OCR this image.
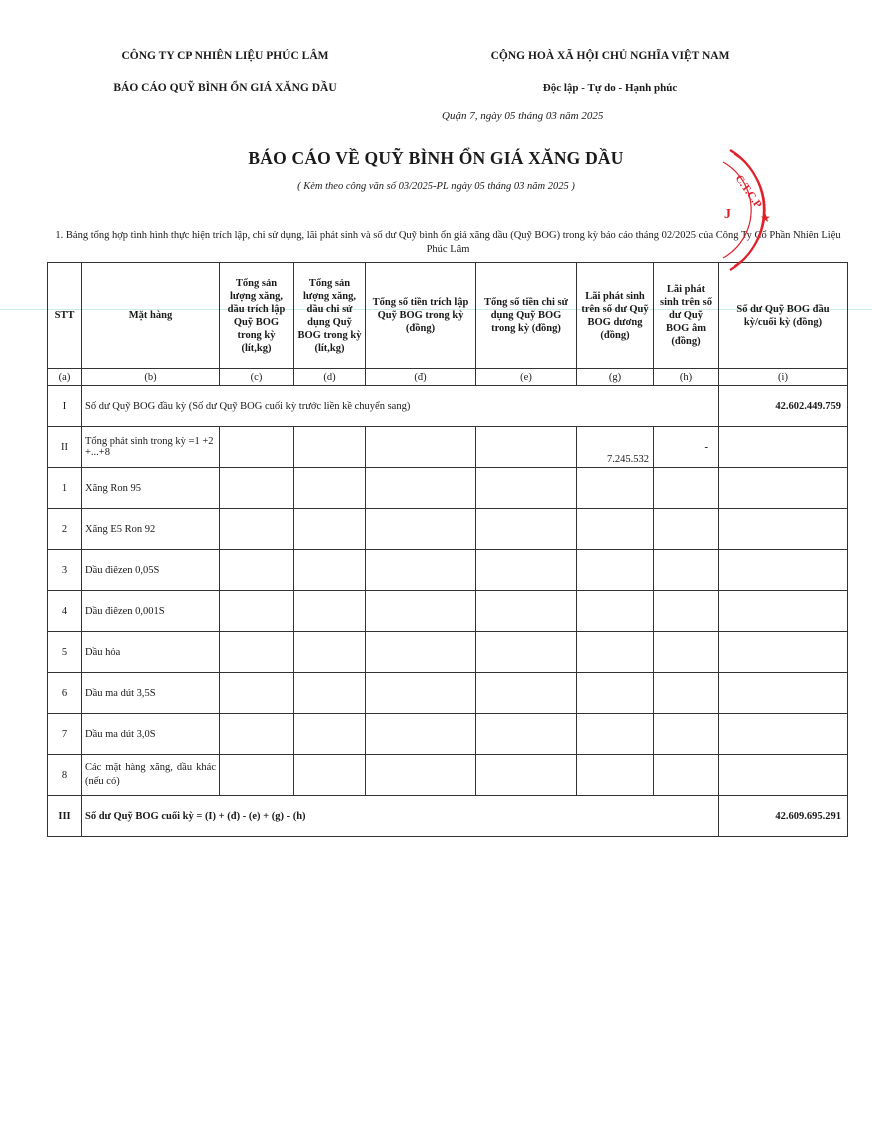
CÔNG TY CP NHIÊN LIỆU PHÚC LÂM
BÁO CÁO QUỸ BÌNH ỔN GIÁ XĂNG DẦU
CỘNG HOÀ XÃ HỘI CHỦ NGHĨA VIỆT NAM
Độc lập - Tự do - Hạnh phúc
Quận 7, ngày 05 tháng 03 năm 2025
BÁO CÁO VỀ QUỸ BÌNH ỔN GIÁ XĂNG DẦU
( Kèm theo công văn số 03/2025-PL ngày 05 tháng 03 năm 2025 )
1. Bảng tổng hợp tình hình thực hiện trích lập, chi sử dụng, lãi phát sinh và số dư Quỹ bình ổn giá xăng dầu (Quỹ BOG) trong kỳ báo cáo tháng 02/2025 của Công Ty Cổ Phần Nhiên Liệu Phúc Lâm
STT	Mặt hàng	Tổng sản lượng xăng, dầu trích lập Quỹ BOG trong kỳ (lít,kg)	Tổng sản lượng xăng, dầu chi sử dụng Quỹ BOG trong kỳ (lít,kg)	Tổng số tiền trích lập Quỹ BOG trong kỳ (đồng)	Tổng số tiền chi sử dụng Quỹ BOG trong kỳ (đồng)	Lãi phát sinh trên số dư Quỹ BOG dương (đồng)	Lãi phát sinh trên số dư Quỹ BOG âm (đồng)	Số dư Quỹ BOG đầu kỳ/cuối kỳ (đồng)
(a)	(b)	(c)	(d)	(đ)	(e)	(g)	(h)	(i)
I	Số dư Quỹ BOG đầu kỳ (Số dư Quỹ BOG cuối kỳ trước liền kề chuyển sang)							42.602.449.759
II	Tổng phát sinh trong kỳ =1 +2 +...+8					7.245.532	-	
1	Xăng Ron 95							
2	Xăng E5 Ron 92							
3	Dầu điêzen 0,05S							
4	Dầu điêzen 0,001S							
5	Dầu hỏa							
6	Dầu ma dút 3,5S							
7	Dầu ma dút 3,0S							
8	Các mặt hàng xăng, dầu khác (nếu có)							
III	Số dư Quỹ BOG cuối kỳ = (I) + (đ) - (e) + (g) - (h)							42.609.695.291
C.T.C.P
★
J
